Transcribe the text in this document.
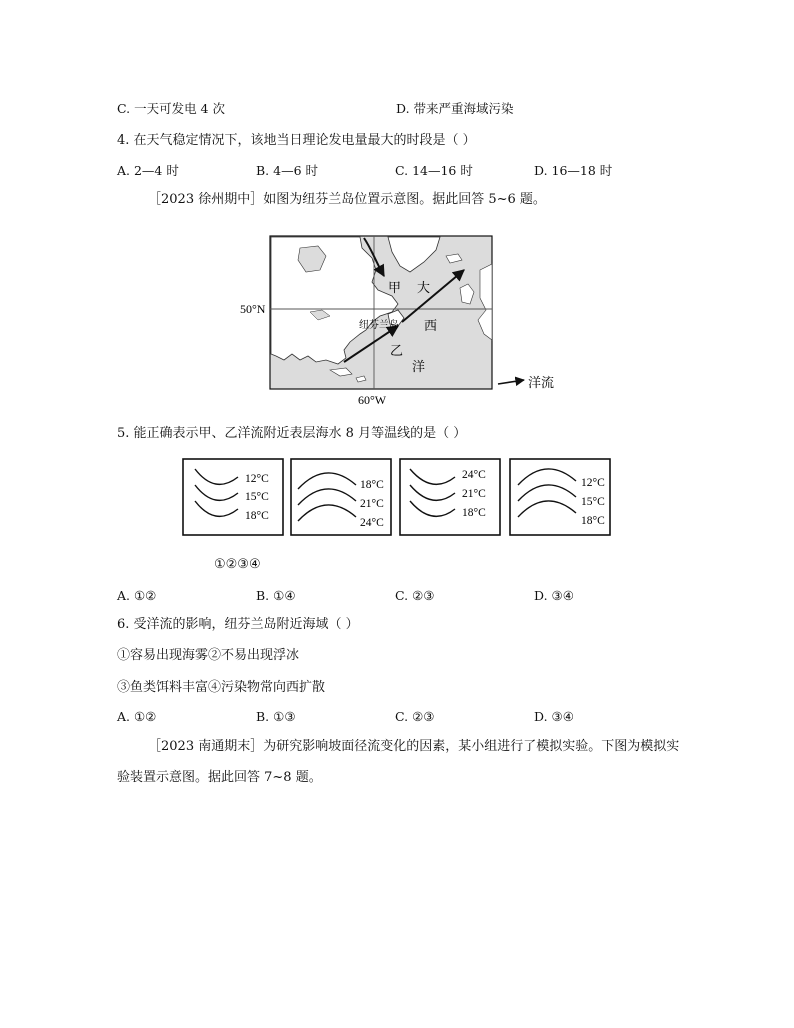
C. 一天可发电 4 次	D. 带来严重海域污染
4. 在天气稳定情况下，该地当日理论发电量最大的时段是（ ）
A. 2—4 时	B. 4—6 时	C. 14—16 时	D. 16—18 时
［2023 徐州期中］如图为纽芬兰岛位置示意图。据此回答 5~6 题。
50°N
60°W
甲
纽芬兰岛
乙
大
西
洋
洋流
5. 能正确表示甲、乙洋流附近表层海水 8 月等温线的是（ ）
12°C
15°C
18°C
18°C
21°C
24°C
24°C
21°C
18°C
12°C
15°C
18°C
①②③④
A. ①②	B. ①④	C. ②③	D. ③④
6. 受洋流的影响，纽芬兰岛附近海域（ ）
①容易出现海雾②不易出现浮冰
③鱼类饵料丰富④污染物常向西扩散
A. ①②	B. ①③	C. ②③	D. ③④
［2023 南通期末］为研究影响坡面径流变化的因素，某小组进行了模拟实验。下图为模拟实
验装置示意图。据此回答 7~8 题。
